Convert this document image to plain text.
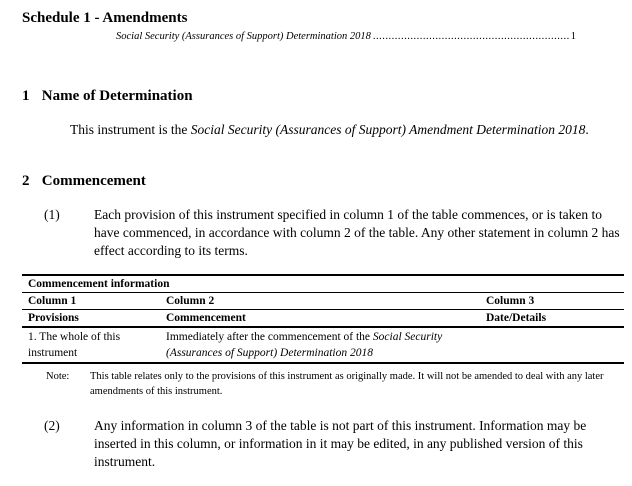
Schedule 1 - Amendments
Social Security (Assurances of Support) Determination 2018 .....	1
1 Name of Determination
This instrument is the Social Security (Assurances of Support) Amendment Determination 2018.
2 Commencement
(1)	Each provision of this instrument specified in column 1 of the table commences, or is taken to have commenced, in accordance with column 2 of the table. Any other statement in column 2 has effect according to its terms.
Commencement information		
Column 1	Column 2	Column 3
Provisions	Commencement	Date/Details
1. The whole of this instrument	Immediately after the commencement of the Social Security (Assurances of Support) Determination 2018	
Note:	This table relates only to the provisions of this instrument as originally made. It will not be amended to deal with any later amendments of this instrument.
(2)	Any information in column 3 of the table is not part of this instrument. Information may be inserted in this column, or information in it may be edited, in any published version of this instrument.
